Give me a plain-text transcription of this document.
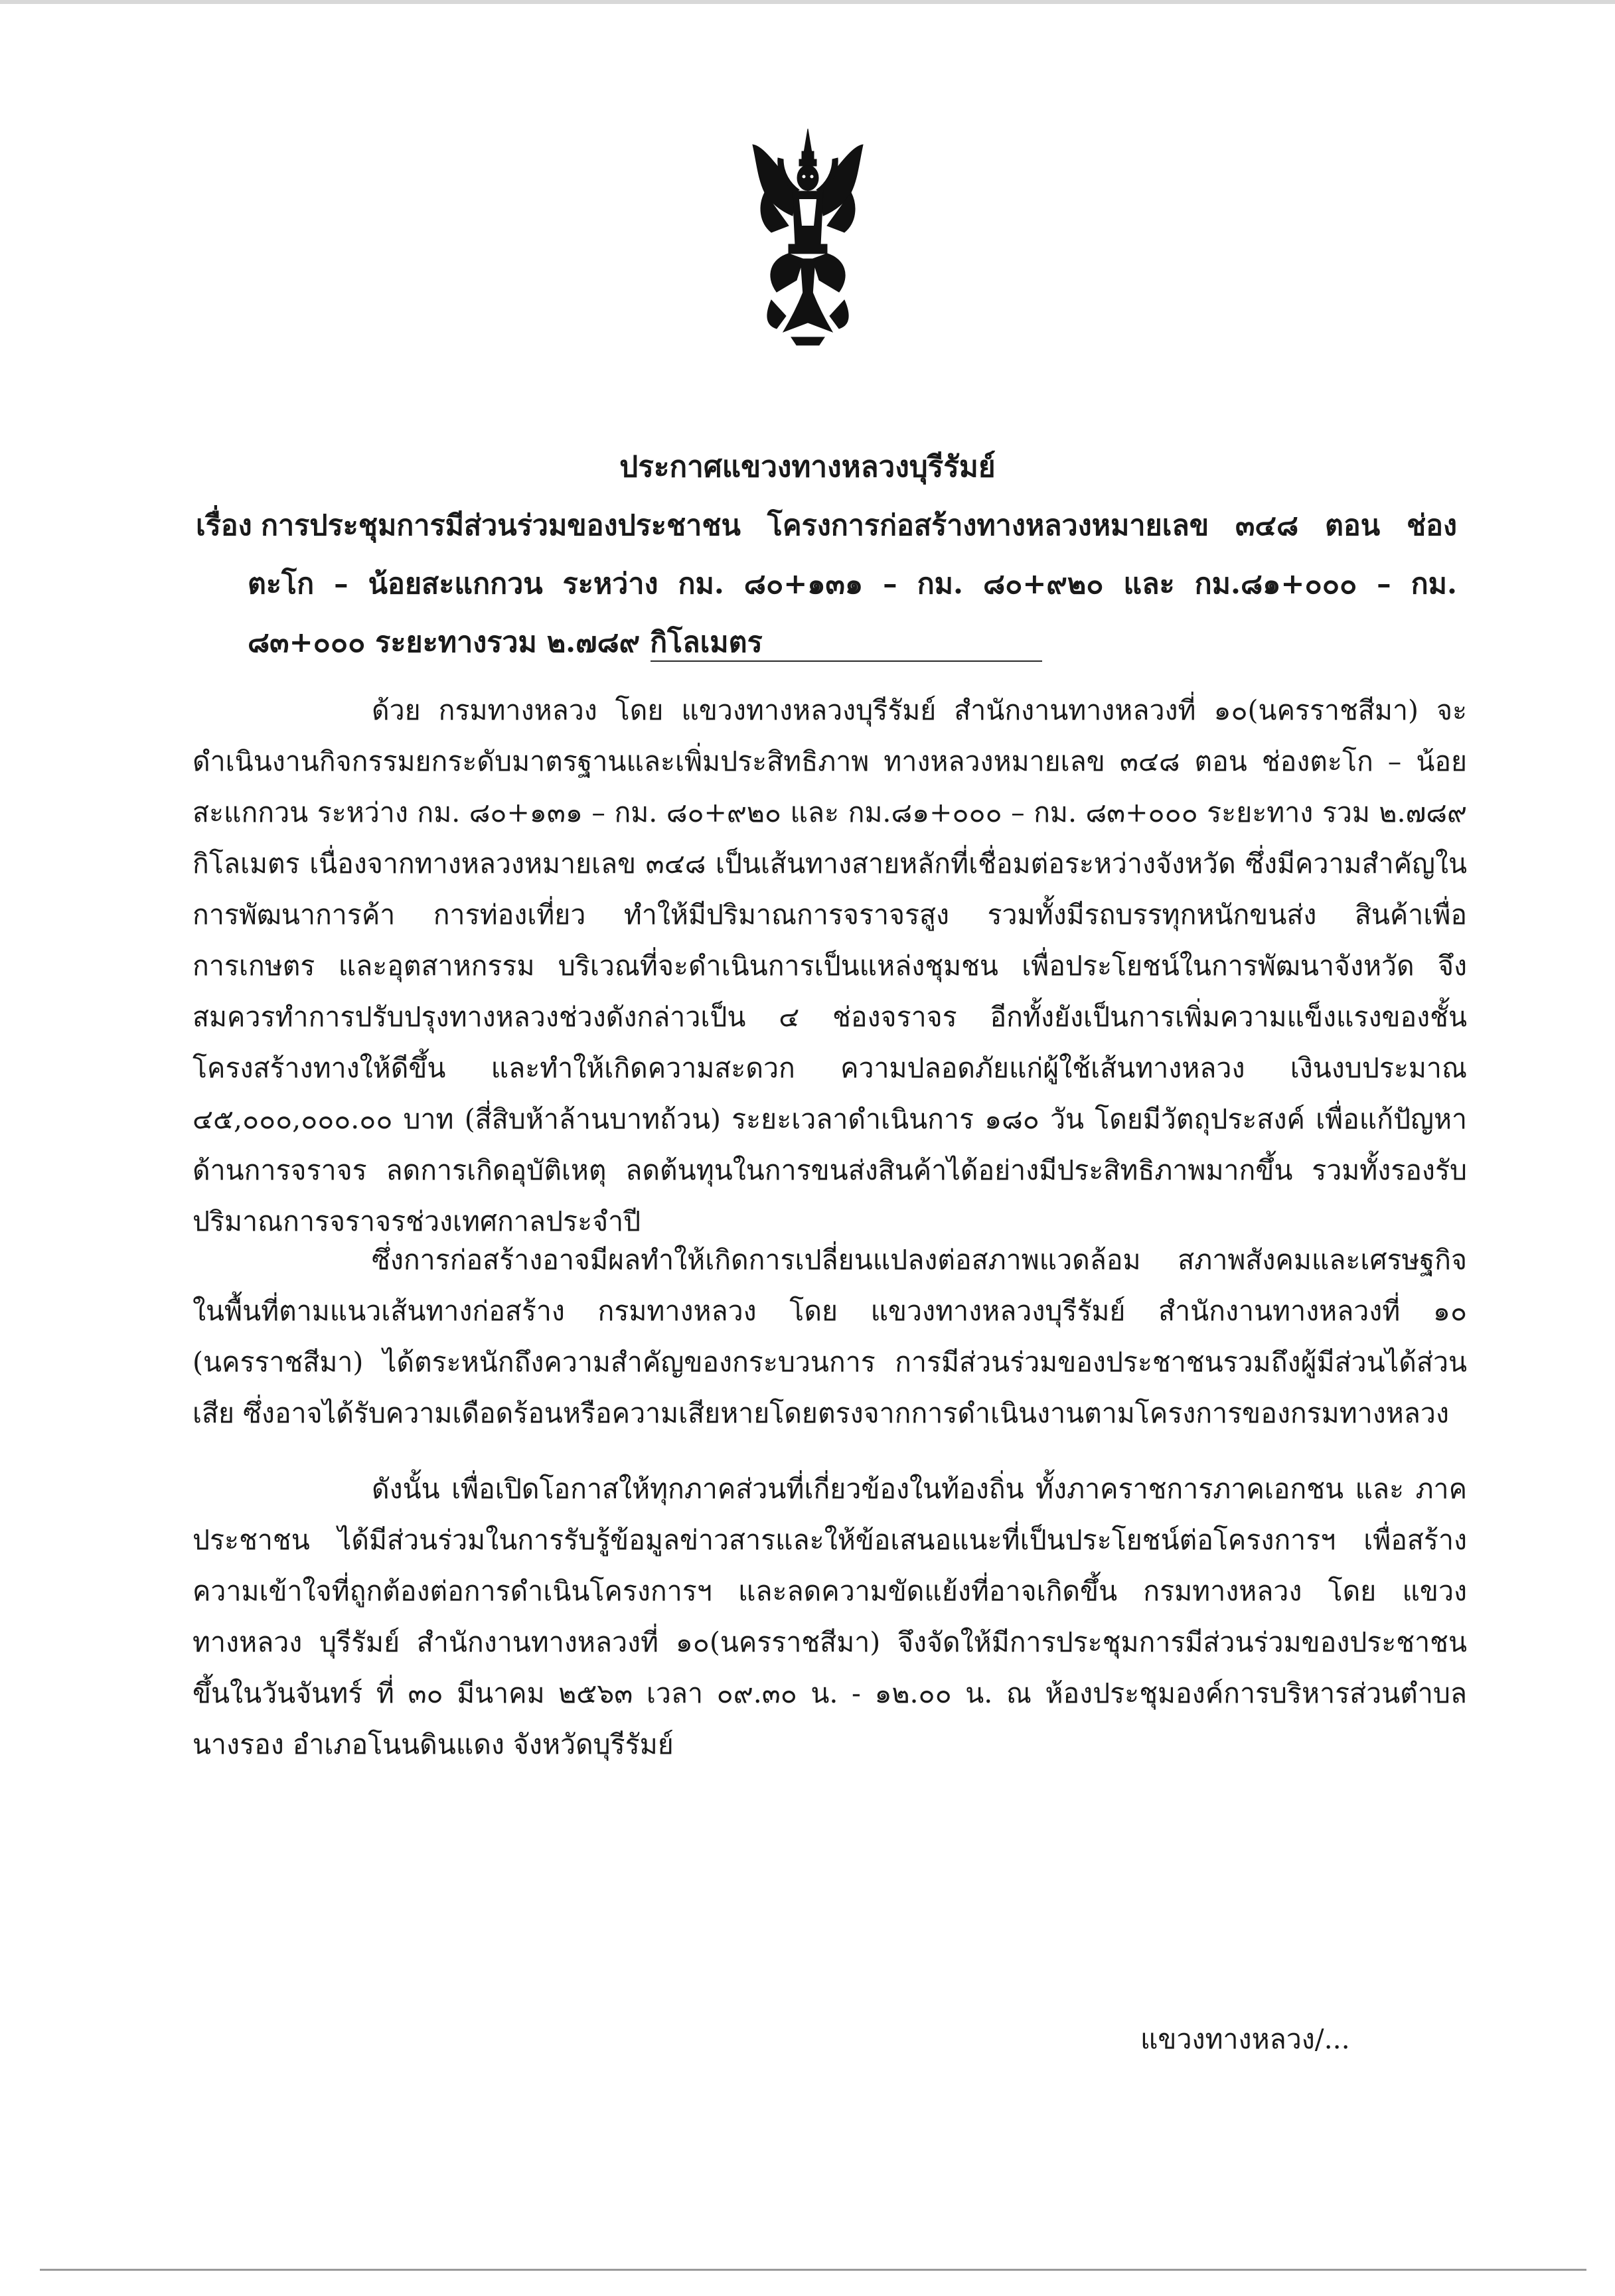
ประกาศแขวงทางหลวงบุรีรัมย์
เรื่อง การประชุมการมีส่วนร่วมของประชาชน โครงการก่อสร้างทางหลวงหมายเลข ๓๔๘ ตอน ช่องตะโก – น้อยสะแกกวน ระหว่าง กม. ๘๐+๑๓๑ – กม. ๘๐+๙๒๐ และ กม.๘๑+๐๐๐ – กม. ๘๓+๐๐๐ ระยะทางรวม ๒.๗๘๙ กิโลเมตร
ด้วย กรมทางหลวง โดย แขวงทางหลวงบุรีรัมย์ สำนักงานทางหลวงที่ ๑๐(นครราชสีมา) จะดำเนินงานกิจกรรมยกระดับมาตรฐานและเพิ่มประสิทธิภาพ ทางหลวงหมายเลข ๓๔๘ ตอน ช่องตะโก – น้อยสะแกกวน ระหว่าง กม. ๘๐+๑๓๑ – กม. ๘๐+๙๒๐ และ กม.๘๑+๐๐๐ – กม. ๘๓+๐๐๐ ระยะทาง รวม ๒.๗๘๙ กิโลเมตร เนื่องจากทางหลวงหมายเลข ๓๔๘ เป็นเส้นทางสายหลักที่เชื่อมต่อระหว่างจังหวัด ซึ่งมีความสำคัญในการพัฒนาการค้า การท่องเที่ยว ทำให้มีปริมาณการจราจรสูง รวมทั้งมีรถบรรทุกหนักขนส่ง สินค้าเพื่อการเกษตร และอุตสาหกรรม บริเวณที่จะดำเนินการเป็นแหล่งชุมชน เพื่อประโยชน์ในการพัฒนาจังหวัด จึงสมควรทำการปรับปรุงทางหลวงช่วงดังกล่าวเป็น ๔ ช่องจราจร อีกทั้งยังเป็นการเพิ่มความแข็งแรงของชั้น โครงสร้างทางให้ดีขึ้น และทำให้เกิดความสะดวก ความปลอดภัยแก่ผู้ใช้เส้นทางหลวง เงินงบประมาณ ๔๕,๐๐๐,๐๐๐.๐๐ บาท (สี่สิบห้าล้านบาทถ้วน) ระยะเวลาดำเนินการ ๑๘๐ วัน โดยมีวัตถุประสงค์ เพื่อแก้ปัญหา ด้านการจราจร ลดการเกิดอุบัติเหตุ ลดต้นทุนในการขนส่งสินค้าได้อย่างมีประสิทธิภาพมากขึ้น รวมทั้งรองรับ ปริมาณการจราจรช่วงเทศกาลประจำปี
ซึ่งการก่อสร้างอาจมีผลทำให้เกิดการเปลี่ยนแปลงต่อสภาพแวดล้อม สภาพสังคมและเศรษฐกิจ ในพื้นที่ตามแนวเส้นทางก่อสร้าง กรมทางหลวง โดย แขวงทางหลวงบุรีรัมย์ สำนักงานทางหลวงที่ ๑๐ (นครราชสีมา) ได้ตระหนักถึงความสำคัญของกระบวนการ การมีส่วนร่วมของประชาชนรวมถึงผู้มีส่วนได้ส่วนเสีย ซึ่งอาจได้รับความเดือดร้อนหรือความเสียหายโดยตรงจากการดำเนินงานตามโครงการของกรมทางหลวง
ดังนั้น เพื่อเปิดโอกาสให้ทุกภาคส่วนที่เกี่ยวข้องในท้องถิ่น ทั้งภาคราชการภาคเอกชน และ ภาคประชาชน ได้มีส่วนร่วมในการรับรู้ข้อมูลข่าวสารและให้ข้อเสนอแนะที่เป็นประโยชน์ต่อโครงการฯ เพื่อสร้าง ความเข้าใจที่ถูกต้องต่อการดำเนินโครงการฯ และลดความขัดแย้งที่อาจเกิดขึ้น กรมทางหลวง โดย แขวงทางหลวง บุรีรัมย์ สำนักงานทางหลวงที่ ๑๐(นครราชสีมา) จึงจัดให้มีการประชุมการมีส่วนร่วมของประชาชน ขึ้นในวันจันทร์ ที่ ๓๐ มีนาคม ๒๕๖๓ เวลา ๐๙.๓๐ น. - ๑๒.๐๐ น. ณ ห้องประชุมองค์การบริหารส่วนตำบล นางรอง อำเภอโนนดินแดง จังหวัดบุรีรัมย์
แขวงทางหลวง/...
